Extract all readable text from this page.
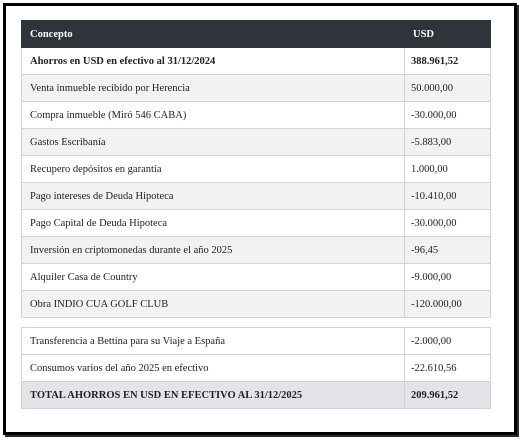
Concepto	USD
Ahorros en USD en efectivo al 31/12/2024	388.961,52
Venta inmueble recibido por Herencia	50.000,00
Compra inmueble (Miró 546 CABA)	-30.000,00
Gastos Escribanía	-5.883,00
Recupero depósitos en garantía	1.000,00
Pago intereses de Deuda Hipoteca	-10.410,00
Pago Capital de Deuda Hipoteca	-30.000,00
Inversión en criptomonedas durante el año 2025	-96,45
Alquiler Casa de Country	-9.000,00
Obra INDIO CUA GOLF CLUB	-120.000,00
Transferencia a Bettina para su Viaje a España	-2.000,00
Consumos varios del año 2025 en efectivo	-22.610,56
TOTAL AHORROS EN USD EN EFECTIVO AL 31/12/2025	209.961,52
